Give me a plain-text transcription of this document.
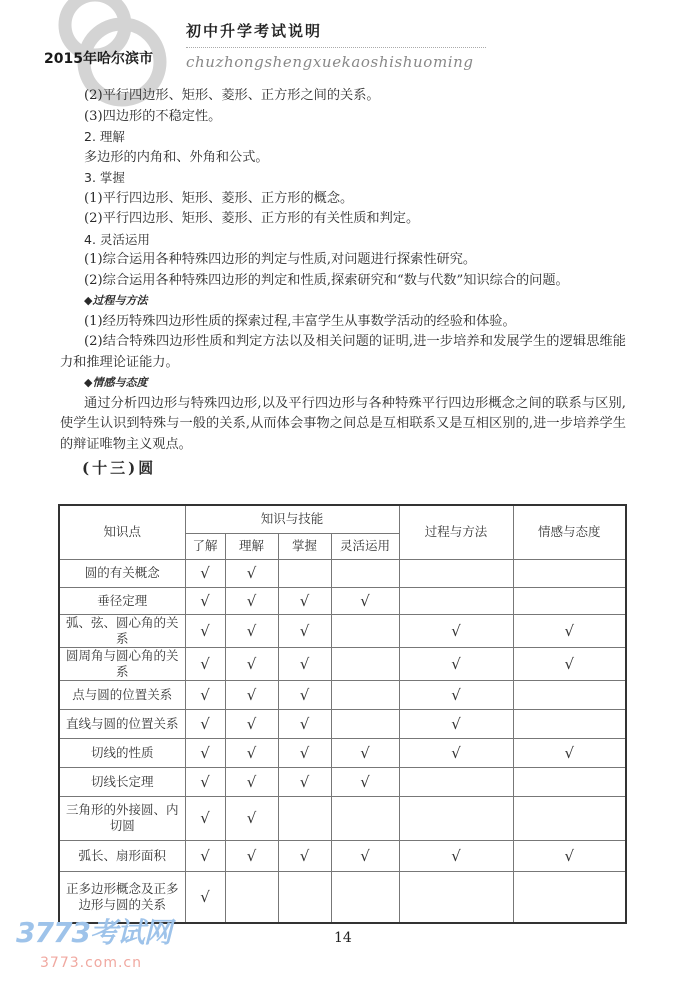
2015年哈尔滨市
初中升学考试说明
chuzhongshengxuekaoshishuoming
(2)平行四边形、矩形、菱形、正方形之间的关系。
(3)四边形的不稳定性。
2. 理解
多边形的内角和、外角和公式。
3. 掌握
(1)平行四边形、矩形、菱形、正方形的概念。
(2)平行四边形、矩形、菱形、正方形的有关性质和判定。
4. 灵活运用
(1)综合运用各种特殊四边形的判定与性质,对问题进行探索性研究。
(2)综合运用各种特殊四边形的判定和性质,探索研究和“数与代数”知识综合的问题。
◆过程与方法
(1)经历特殊四边形性质的探索过程,丰富学生从事数学活动的经验和体验。
(2)结合特殊四边形性质和判定方法以及相关问题的证明,进一步培养和发展学生的逻辑思维能力和推理论证能力。
◆情感与态度
通过分析四边形与特殊四边形,以及平行四边形与各种特殊平行四边形概念之间的联系与区别,使学生认识到特殊与一般的关系,从而体会事物之间总是互相联系又是互相区别的,进一步培养学生的辩证唯物主义观点。
(十三)圆
知识点	知识与技能				过程与方法	情感与态度
	了解	理解	掌握	灵活运用		
圆的有关概念	√	√				
垂径定理	√	√	√	√		
弧、弦、圆心角的关系	√	√	√		√	√
圆周角与圆心角的关系	√	√	√		√	√
点与圆的位置关系	√	√	√		√	
直线与圆的位置关系	√	√	√		√	
切线的性质	√	√	√	√	√	√
切线长定理	√	√	√	√		
三角形的外接圆、内切圆	√	√				
弧长、扇形面积	√	√	√	√	√	√
正多边形概念及正多边形与圆的关系	√					
14
3773考试网
3773.com.cn
